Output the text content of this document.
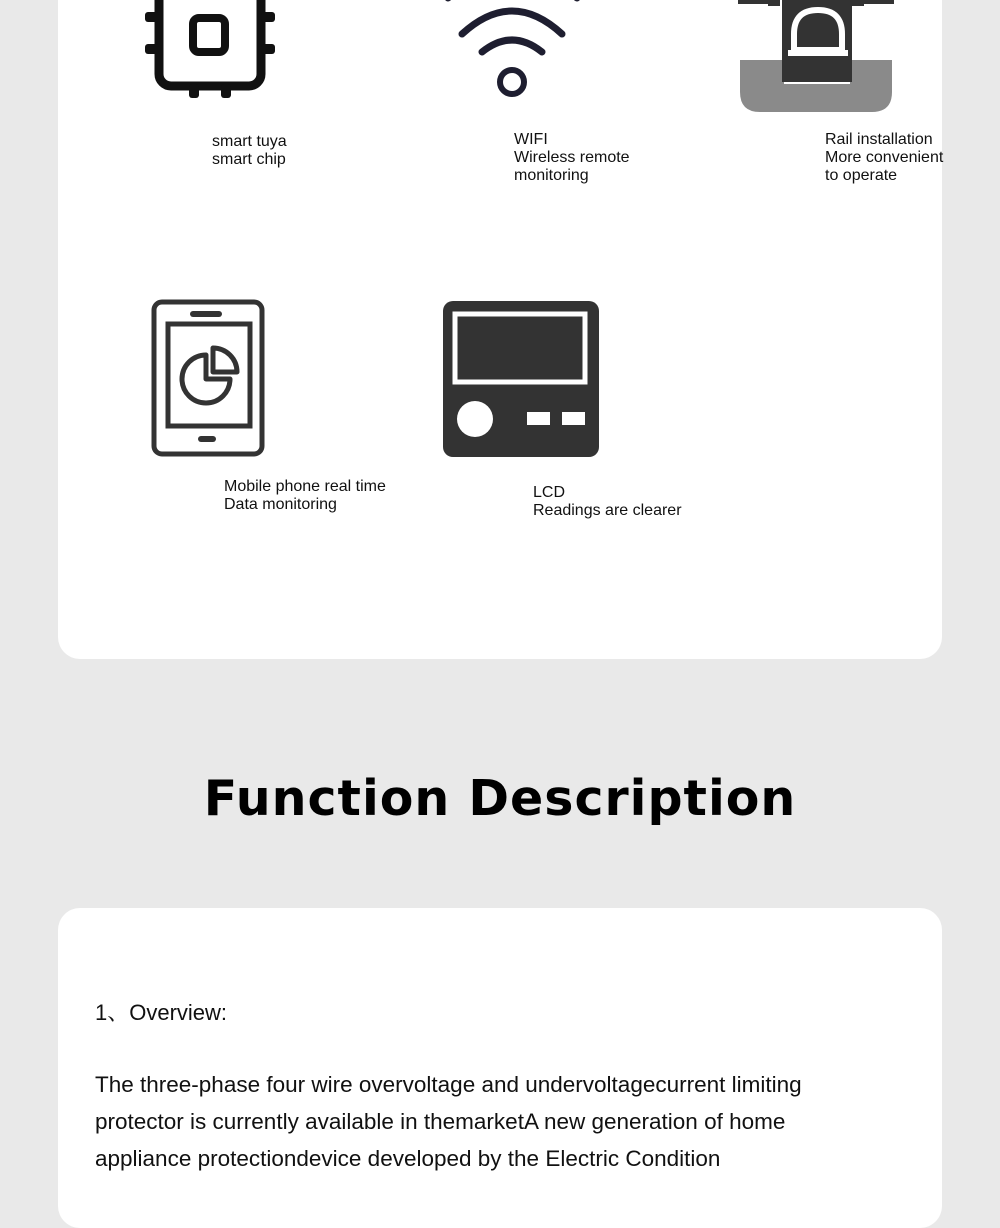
smart tuya
smart chip
WIFI
Wireless remote
monitoring
Rail installation
More convenient
to operate
Mobile phone real time
Data monitoring
LCD
Readings are clearer
Function Description
1、Overview:
The three-phase four wire overvoltage and undervoltagecurrent limiting
protector is currently available in themarketA new generation of home
appliance protectiondevice developed by the Electric Condition
